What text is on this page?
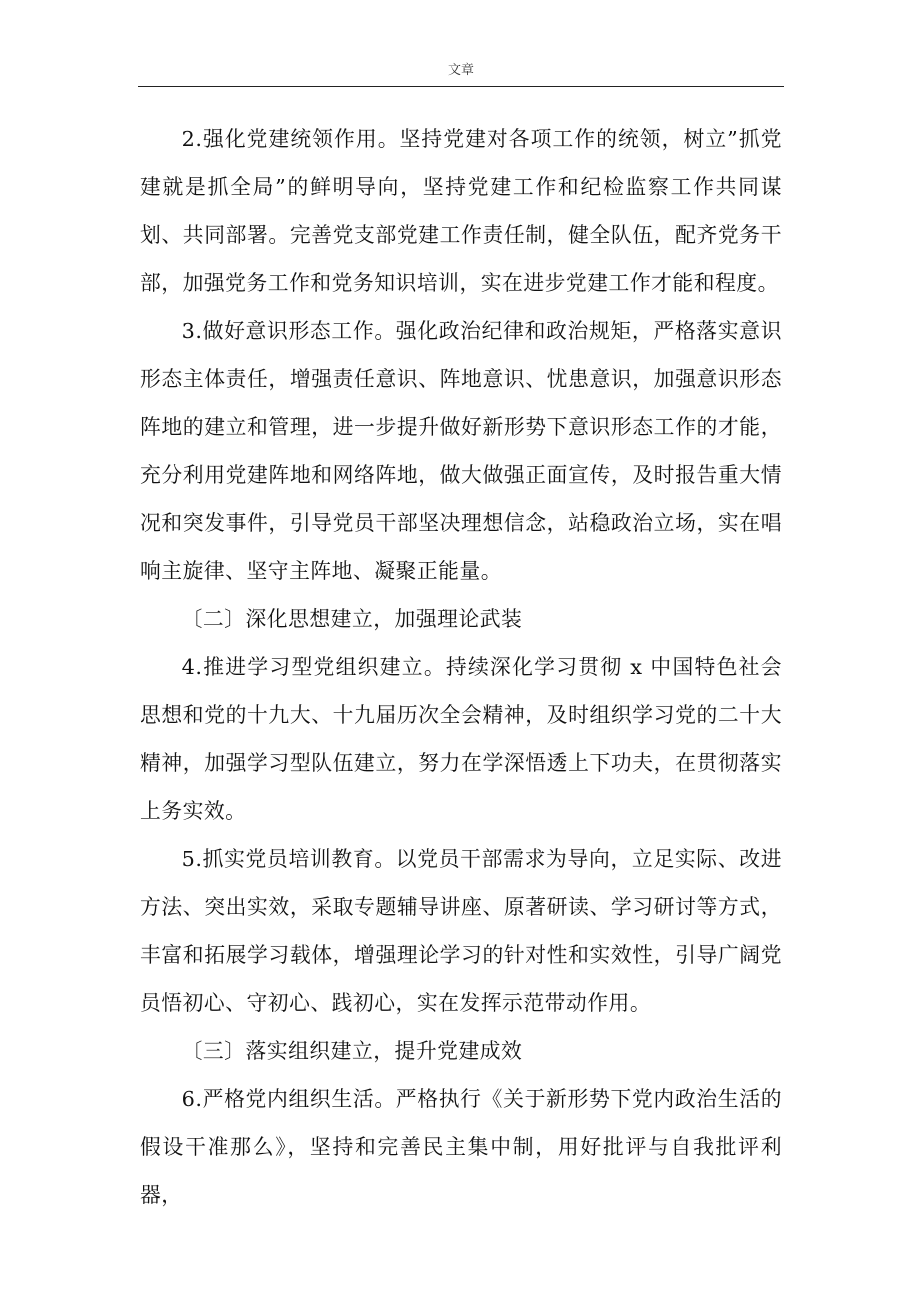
文章

2.强化党建统领作用。坚持党建对各项工作的统领，树立”抓党建就是抓全局”的鲜明导向，坚持党建工作和纪检监察工作共同谋划、共同部署。完善党支部党建工作责任制，健全队伍，配齐党务干部，加强党务工作和党务知识培训，实在进步党建工作才能和程度。

3.做好意识形态工作。强化政治纪律和政治规矩，严格落实意识形态主体责任，增强责任意识、阵地意识、忧患意识，加强意识形态阵地的建立和管理，进一步提升做好新形势下意识形态工作的才能，充分利用党建阵地和网络阵地，做大做强正面宣传，及时报告重大情况和突发事件，引导党员干部坚决理想信念，站稳政治立场，实在唱响主旋律、坚守主阵地、凝聚正能量。

〔二〕深化思想建立，加强理论武装

4.推进学习型党组织建立。持续深化学习贯彻 x 中国特色社会思想和党的十九大、十九届历次全会精神，及时组织学习党的二十大精神，加强学习型队伍建立，努力在学深悟透上下功夫，在贯彻落实上务实效。

5.抓实党员培训教育。以党员干部需求为导向，立足实际、改进方法、突出实效，采取专题辅导讲座、原著研读、学习研讨等方式，丰富和拓展学习载体，增强理论学习的针对性和实效性，引导广阔党员悟初心、守初心、践初心，实在发挥示范带动作用。

〔三〕落实组织建立，提升党建成效

6.严格党内组织生活。严格执行《关于新形势下党内政治生活的假设干准那么》，坚持和完善民主集中制，用好批评与自我批评利器，
